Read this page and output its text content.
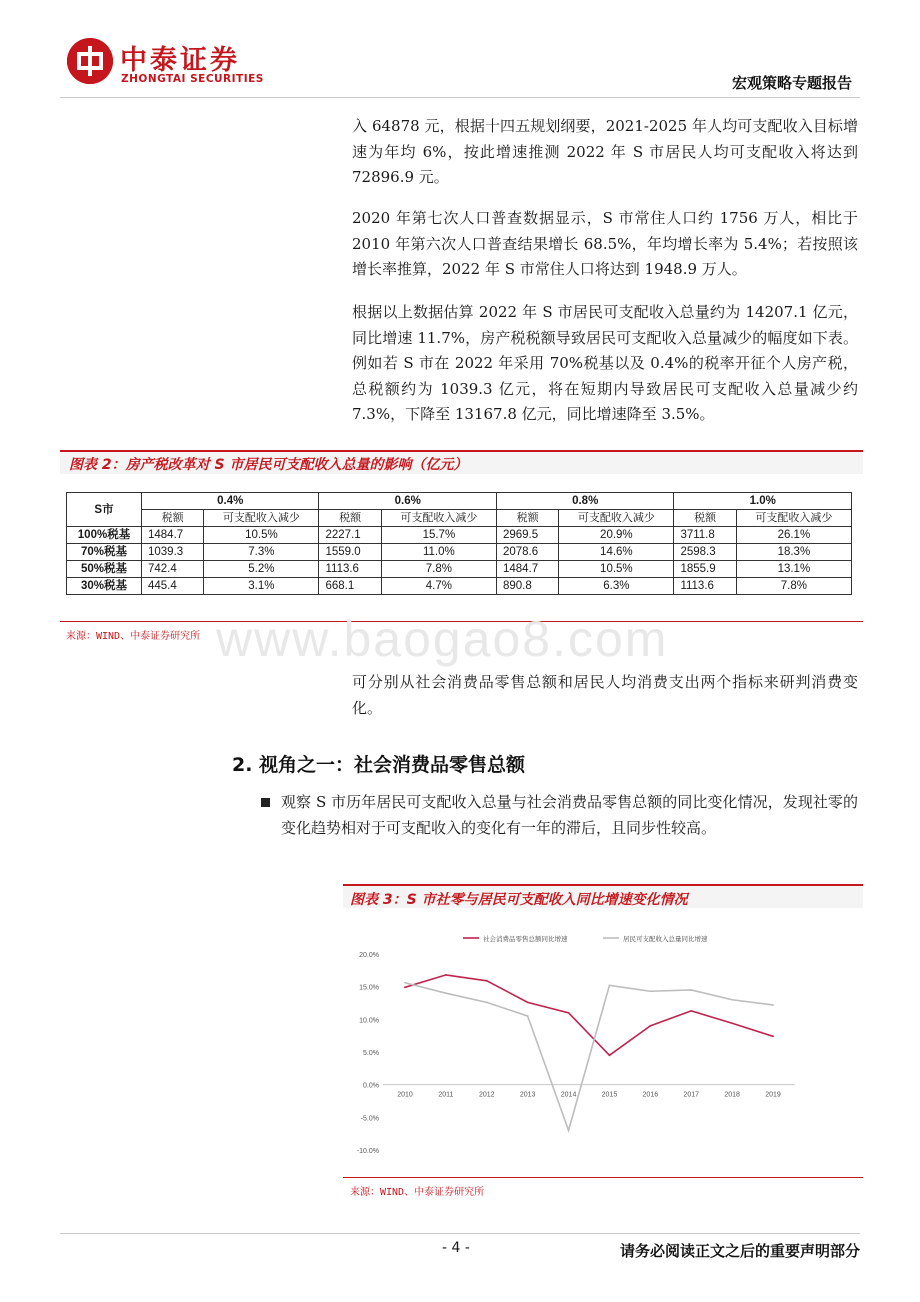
中泰证券
ZHONGTAI SECURITIES	宏观策略专题报告
入 64878 元，根据十四五规划纲要，2021-2025 年人均可支配收入目标增速为年均 6%，按此增速推测 2022 年 S 市居民人均可支配收入将达到 72896.9 元。
2020 年第七次人口普查数据显示，S 市常住人口约 1756 万人，相比于 2010 年第六次人口普查结果增长 68.5%，年均增长率为 5.4%；若按照该增长率推算，2022 年 S 市常住人口将达到 1948.9 万人。
根据以上数据估算 2022 年 S 市居民可支配收入总量约为 14207.1 亿元，同比增速 11.7%，房产税税额导致居民可支配收入总量减少的幅度如下表。例如若 S 市在 2022 年采用 70%税基以及 0.4%的税率开征个人房产税，总税额约为 1039.3 亿元，将在短期内导致居民可支配收入总量减少约 7.3%，下降至 13167.8 亿元，同比增速降至 3.5%。
图表 2：房产税改革对 S 市居民可支配收入总量的影响（亿元）
S市	0.4%		0.6%		0.8%		1.0%	
	税额	可支配收入减少	税额	可支配收入减少	税额	可支配收入减少	税额	可支配收入减少
100%税基	1484.7	10.5%	2227.1	15.7%	2969.5	20.9%	3711.8	26.1%
70%税基	1039.3	7.3%	1559.0	11.0%	2078.6	14.6%	2598.3	18.3%
50%税基	742.4	5.2%	1113.6	7.8%	1484.7	10.5%	1855.9	13.1%
30%税基	445.4	3.1%	668.1	4.7%	890.8	6.3%	1113.6	7.8%
来源：WIND、中泰证券研究所 www.baogao8.com
可分别从社会消费品零售总额和居民人均消费支出两个指标来研判消费变化。
2. 视角之一：社会消费品零售总额
观察 S 市历年居民可支配收入总量与社会消费品零售总额的同比变化情况，发现社零的变化趋势相对于可支配收入的变化有一年的滞后，且同步性较高。
图表 3：S 市社零与居民可支配收入同比增速变化情况
20.0%
15.0%
10.0%
5.0%
0.0%
-5.0%
-10.0%
2010	2011	2012	2013	2014	2015	2016	2017	2018	2019
社会消费品零售总额同比增速	居民可支配收入总量同比增速
来源：WIND、中泰证券研究所
- 4 -	请务必阅读正文之后的重要声明部分
